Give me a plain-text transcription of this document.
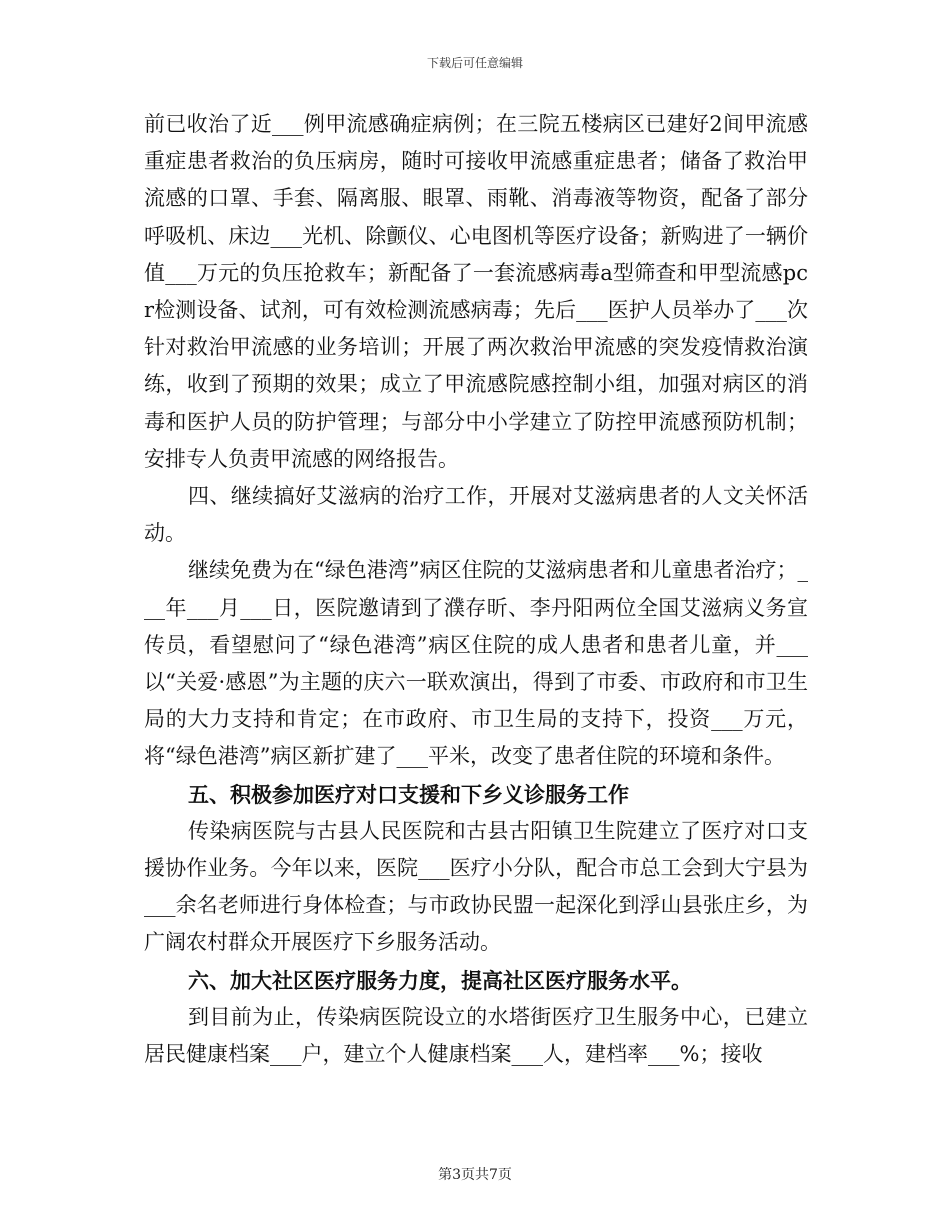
下载后可任意编辑

前已收治了近___例甲流感确症病例；在三院五楼病区已建好2间甲流感重症患者救治的负压病房，随时可接收甲流感重症患者；储备了救治甲流感的口罩、手套、隔离服、眼罩、雨靴、消毒液等物资，配备了部分呼吸机、床边___光机、除颤仪、心电图机等医疗设备；新购进了一辆价值___万元的负压抢救车；新配备了一套流感病毒a型筛查和甲型流感pcr检测设备、试剂，可有效检测流感病毒；先后___医护人员举办了___次针对救治甲流感的业务培训；开展了两次救治甲流感的突发疫情救治演练，收到了预期的效果；成立了甲流感院感控制小组，加强对病区的消毒和医护人员的防护管理；与部分中小学建立了防控甲流感预防机制；安排专人负责甲流感的网络报告。

四、继续搞好艾滋病的治疗工作，开展对艾滋病患者的人文关怀活动。

继续免费为在“绿色港湾”病区住院的艾滋病患者和儿童患者治疗；___年___月___日，医院邀请到了濮存昕、李丹阳两位全国艾滋病义务宣传员，看望慰问了“绿色港湾”病区住院的成人患者和患者儿童，并___以“关爱·感恩”为主题的庆六一联欢演出，得到了市委、市政府和市卫生局的大力支持和肯定；在市政府、市卫生局的支持下，投资___万元，将“绿色港湾”病区新扩建了___平米，改变了患者住院的环境和条件。

五、积极参加医疗对口支援和下乡义诊服务工作

传染病医院与古县人民医院和古县古阳镇卫生院建立了医疗对口支援协作业务。今年以来，医院___医疗小分队，配合市总工会到大宁县为___余名老师进行身体检查；与市政协民盟一起深化到浮山县张庄乡，为广阔农村群众开展医疗下乡服务活动。

六、加大社区医疗服务力度，提高社区医疗服务水平。

到目前为止，传染病医院设立的水塔街医疗卫生服务中心，已建立居民健康档案___户，建立个人健康档案___人，建档率___%；接收

第3页共7页
